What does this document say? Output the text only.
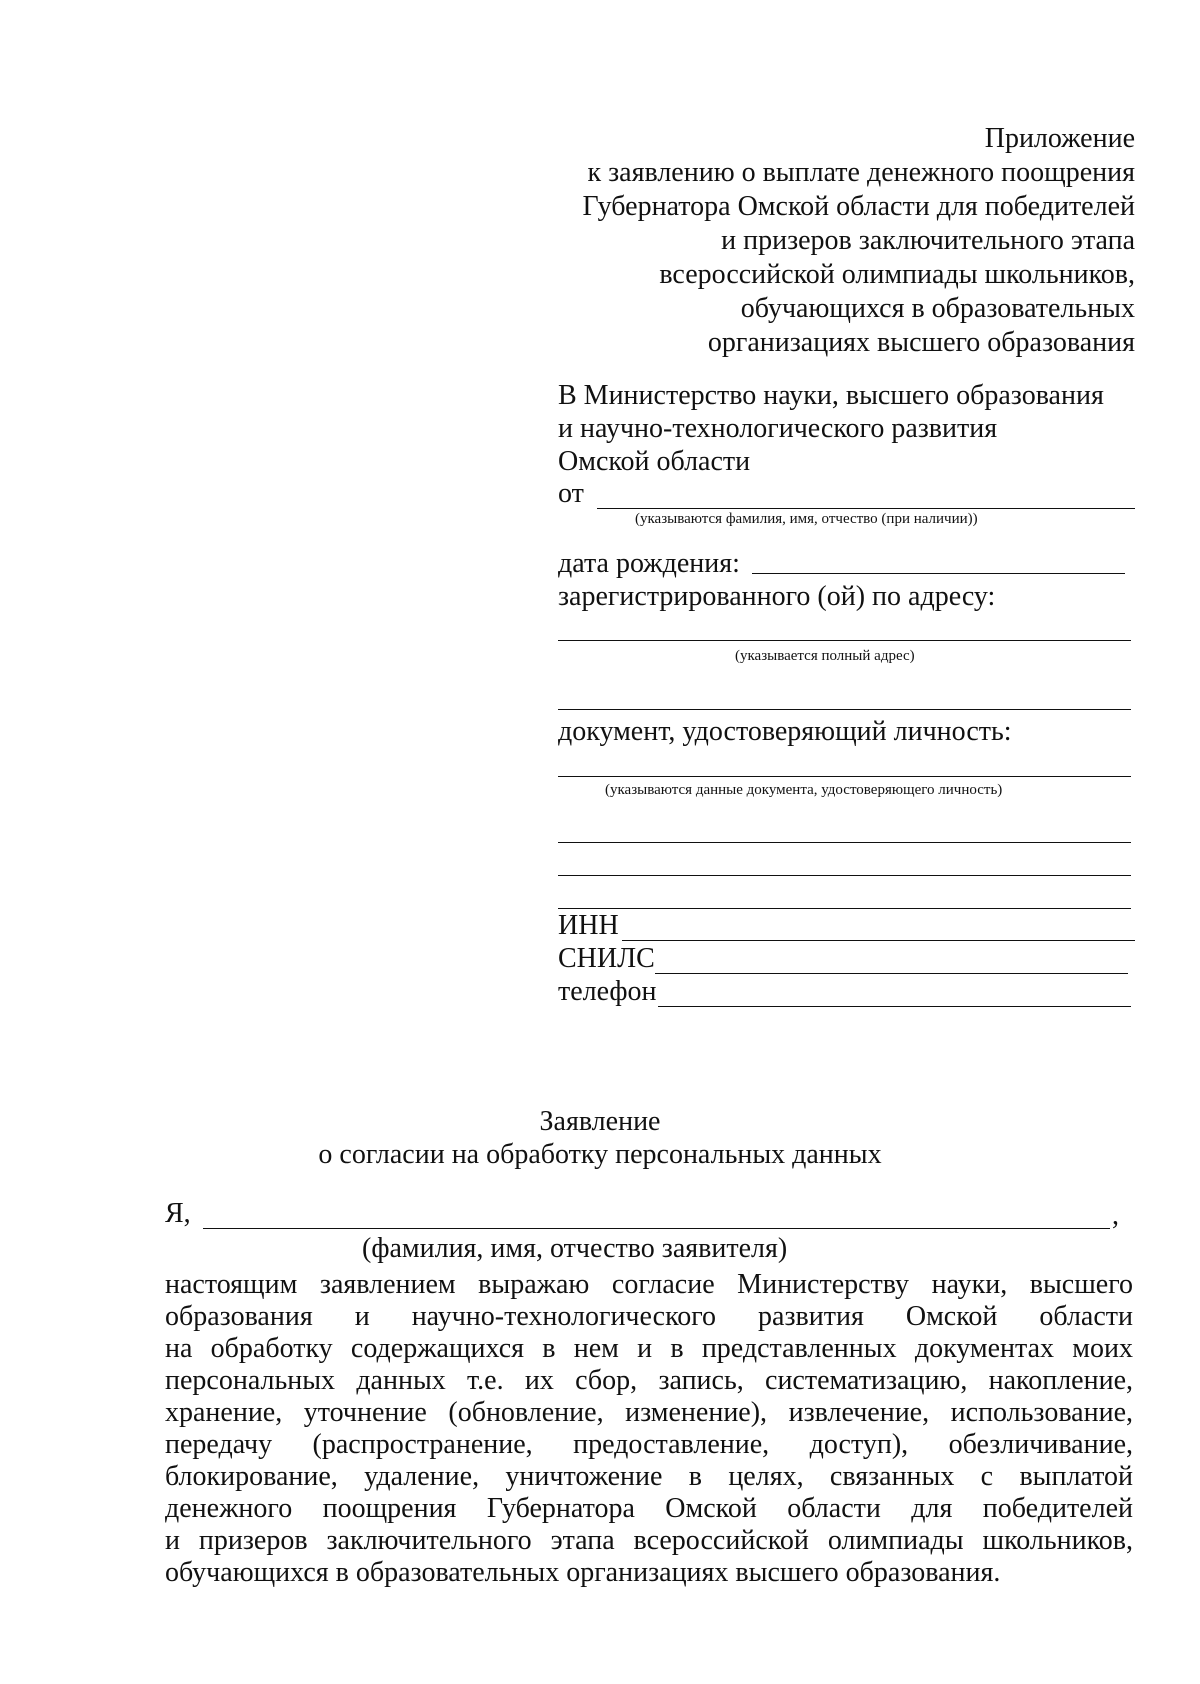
Приложение
к заявлению о выплате денежного поощрения
Губернатора Омской области для победителей
и призеров заключительного этапа
всероссийской олимпиады школьников,
обучающихся в образовательных
организациях высшего образования
В Министерство науки, высшего образования
и научно-технологического развития
Омской области
от
(указываются фамилия, имя, отчество (при наличии))
дата рождения:
зарегистрированного (ой) по адресу:
(указывается полный адрес)
документ, удостоверяющий личность:
(указываются данные документа, удостоверяющего личность)
ИНН
СНИЛС
телефон
Заявление
о согласии на обработку персональных данных
Я,	,
(фамилия, имя, отчество заявителя)
настоящим заявлением выражаю согласие Министерству науки, высшего
образования и научно-технологического развития Омской области
на обработку содержащихся в нем и в представленных документах моих
персональных данных т.е. их сбор, запись, систематизацию, накопление,
хранение, уточнение (обновление, изменение), извлечение, использование,
передачу (распространение, предоставление, доступ), обезличивание,
блокирование, удаление, уничтожение в целях, связанных с выплатой
денежного поощрения Губернатора Омской области для победителей
и призеров заключительного этапа всероссийской олимпиады школьников,
обучающихся в образовательных организациях высшего образования.
